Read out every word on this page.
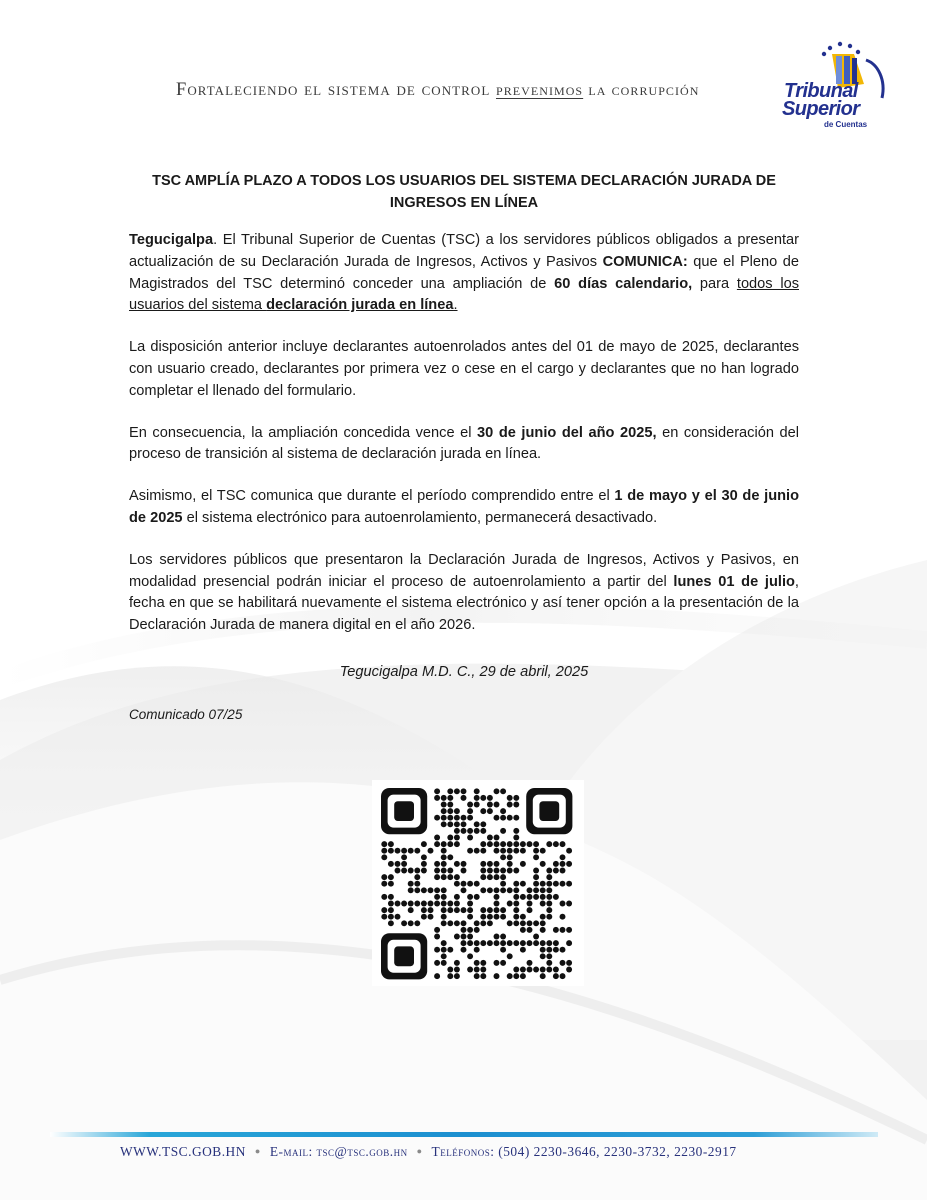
Fortaleciendo el sistema de control prevenimos la corrupción	Tribunal
Superior
de Cuentas
TSC AMPLÍA PLAZO A TODOS LOS USUARIOS DEL SISTEMA DECLARACIÓN JURADA DE INGRESOS EN LÍNEA

Tegucigalpa. El Tribunal Superior de Cuentas (TSC) a los servidores públicos obligados a presentar actualización de su Declaración Jurada de Ingresos, Activos y Pasivos COMUNICA: que el Pleno de Magistrados del TSC determinó conceder una ampliación de 60 días calendario, para todos los usuarios del sistema declaración jurada en línea.

La disposición anterior incluye declarantes autoenrolados antes del 01 de mayo de 2025, declarantes con usuario creado, declarantes por primera vez o cese en el cargo y declarantes que no han logrado completar el llenado del formulario.

En consecuencia, la ampliación concedida vence el 30 de junio del año 2025, en consideración del proceso de transición al sistema de declaración jurada en línea.

Asimismo, el TSC comunica que durante el período comprendido entre el 1 de mayo y el 30 de junio de 2025 el sistema electrónico para autoenrolamiento, permanecerá desactivado.

Los servidores públicos que presentaron la Declaración Jurada de Ingresos, Activos y Pasivos, en modalidad presencial podrán iniciar el proceso de autoenrolamiento a partir del lunes 01 de julio, fecha en que se habilitará nuevamente el sistema electrónico y así tener opción a la presentación de la Declaración Jurada de manera digital en el año 2026.

Tegucigalpa M.D. C., 29 de abril, 2025

Comunicado 07/25

WWW.TSC.GOB.HN ● E-mail: tsc@tsc.gob.hn ● Teléfonos: (504) 2230-3646, 2230-3732, 2230-2917
